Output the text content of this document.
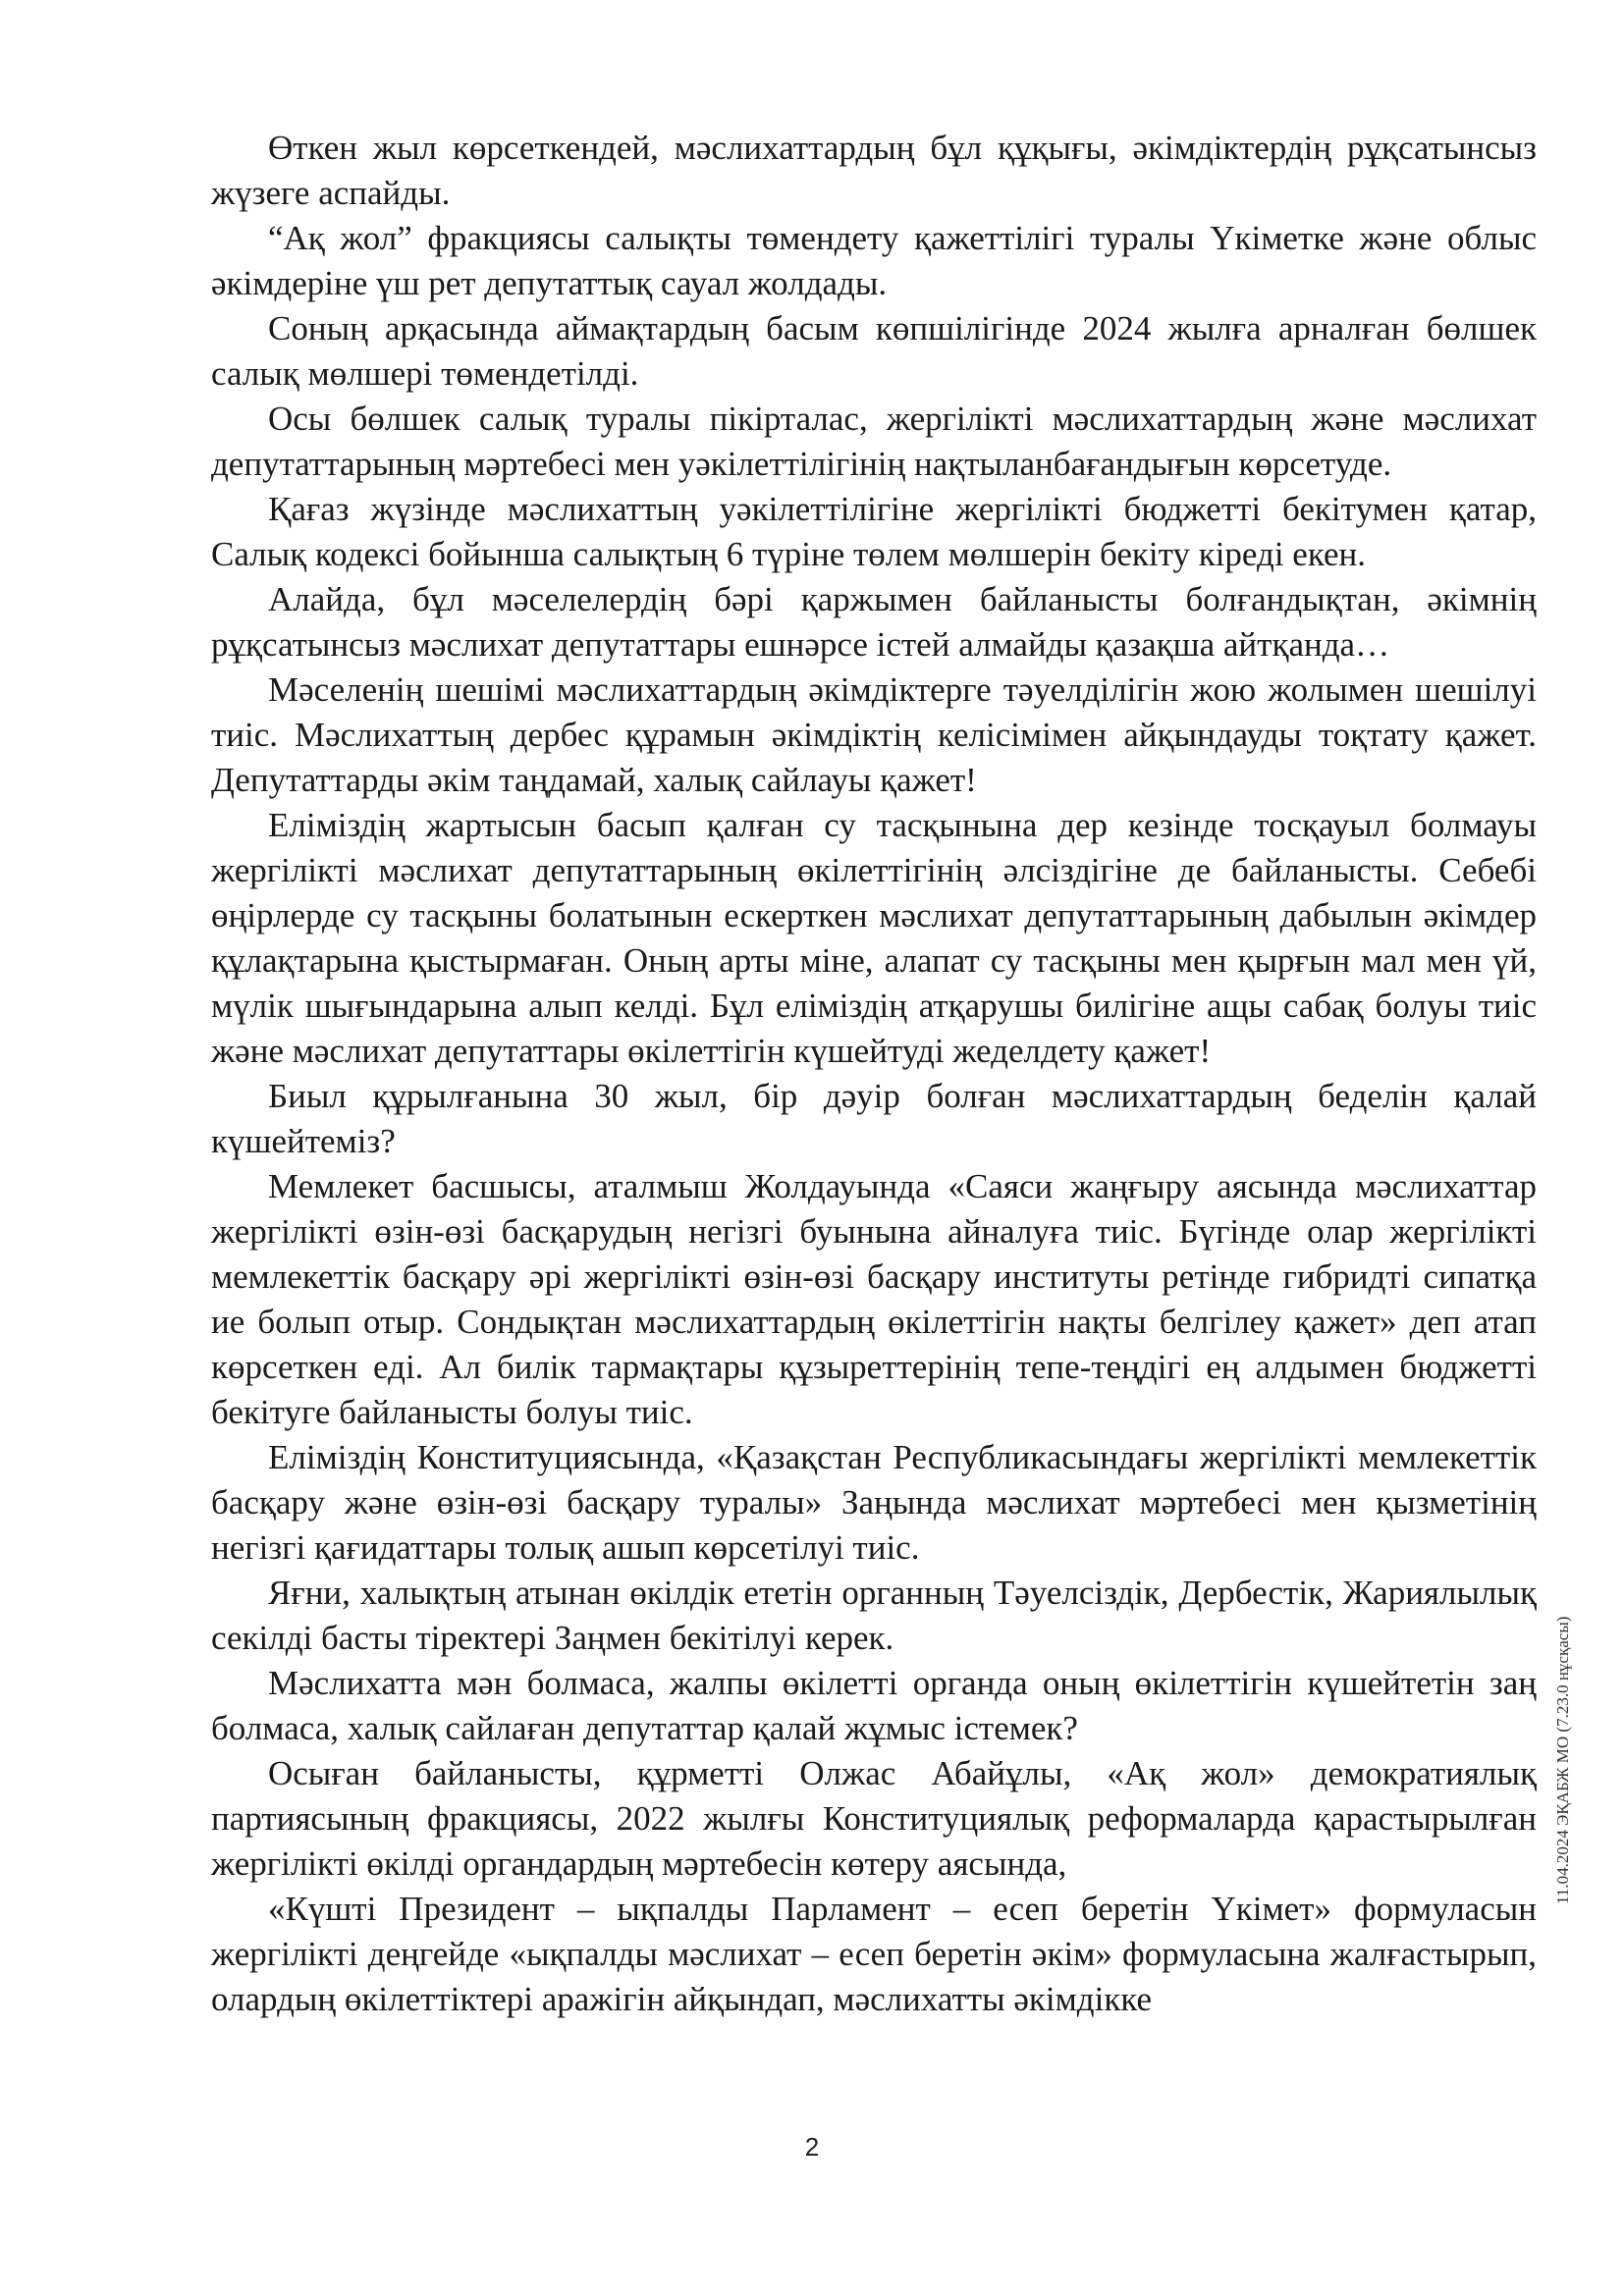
Өткен жыл көрсеткендей, мәслихаттардың бұл құқығы, әкімдіктердің рұқсатынсыз жүзеге аспайды.

“Ақ жол” фракциясы салықты төмендету қажеттілігі туралы Үкіметке және облыс әкімдеріне үш рет депутаттық сауал жолдады.

Соның арқасында аймақтардың басым көпшілігінде 2024 жылға арналған бөлшек салық мөлшері төмендетілді.

Осы бөлшек салық туралы пікірталас, жергілікті мәслихаттардың және мәслихат депутаттарының мәртебесі мен уәкілеттілігінің нақтыланбағандығын көрсетуде.

Қағаз жүзінде мәслихаттың уәкілеттілігіне жергілікті бюджетті бекітумен қатар, Салық кодексі бойынша салықтың 6 түріне төлем мөлшерін бекіту кіреді екен.

Алайда, бұл мәселелердің бәрі қаржымен байланысты болғандықтан, әкімнің рұқсатынсыз мәслихат депутаттары ешнәрсе істей алмайды қазақша айтқанда…

Мәселенің шешімі мәслихаттардың әкімдіктерге тәуелділігін жою жолымен шешілуі тиіс. Мәслихаттың дербес құрамын әкімдіктің келісімімен айқындауды тоқтату қажет. Депутаттарды әкім таңдамай, халық сайлауы қажет!

Еліміздің жартысын басып қалған су тасқынына дер кезінде тосқауыл болмауы жергілікті мәслихат депутаттарының өкілеттігінің әлсіздігіне де байланысты. Себебі өңірлерде су тасқыны болатынын ескерткен мәслихат депутаттарының дабылын әкімдер құлақтарына қыстырмаған. Оның арты міне, алапат су тасқыны мен қырғын мал мен үй, мүлік шығындарына алып келді. Бұл еліміздің атқарушы билігіне ащы сабақ болуы тиіс және мәслихат депутаттары өкілеттігін күшейтуді жеделдету қажет!

Биыл құрылғанына 30 жыл, бір дәуір болған мәслихаттардың беделін қалай күшейтеміз?

Мемлекет басшысы, аталмыш Жолдауында «Саяси жаңғыру аясында мәслихаттар жергілікті өзін-өзі басқарудың негізгі буынына айналуға тиіс. Бүгінде олар жергілікті мемлекеттік басқару әрі жергілікті өзін-өзі басқару институты ретінде гибридті сипатқа ие болып отыр. Сондықтан мәслихаттардың өкілеттігін нақты белгілеу қажет» деп атап көрсеткен еді. Ал билік тармақтары құзыреттерінің тепе-теңдігі ең алдымен бюджетті бекітуге байланысты болуы тиіс.

Еліміздің Конституциясында, «Қазақстан Республикасындағы жергілікті мемлекеттік басқару және өзін-өзі басқару туралы» Заңында мәслихат мәртебесі мен қызметінің негізгі қағидаттары толық ашып көрсетілуі тиіс.

Яғни, халықтың атынан өкілдік ететін органның Тәуелсіздік, Дербестік, Жариялылық секілді басты тіректері Заңмен бекітілуі керек.

Мәслихатта мән болмаса, жалпы өкілетті органда оның өкілеттігін күшейтетін заң болмаса, халық сайлаған депутаттар қалай жұмыс істемек?

Осыған байланысты, құрметті Олжас Абайұлы, «Ақ жол» демократиялық партиясының фракциясы, 2022 жылғы Конституциялық реформаларда қарастырылған жергілікті өкілді органдардың мәртебесін көтеру аясында,

«Күшті Президент – ықпалды Парламент – есеп беретін Үкімет» формуласын жергілікті деңгейде «ықпалды мәслихат – есеп беретін әкім» формуласына жалғастырып, олардың өкілеттіктері аражігін айқындап, мәслихатты әкімдікке

2
11.04.2024 ЭҚАБЖ МО (7.23.0 нұсқасы)
